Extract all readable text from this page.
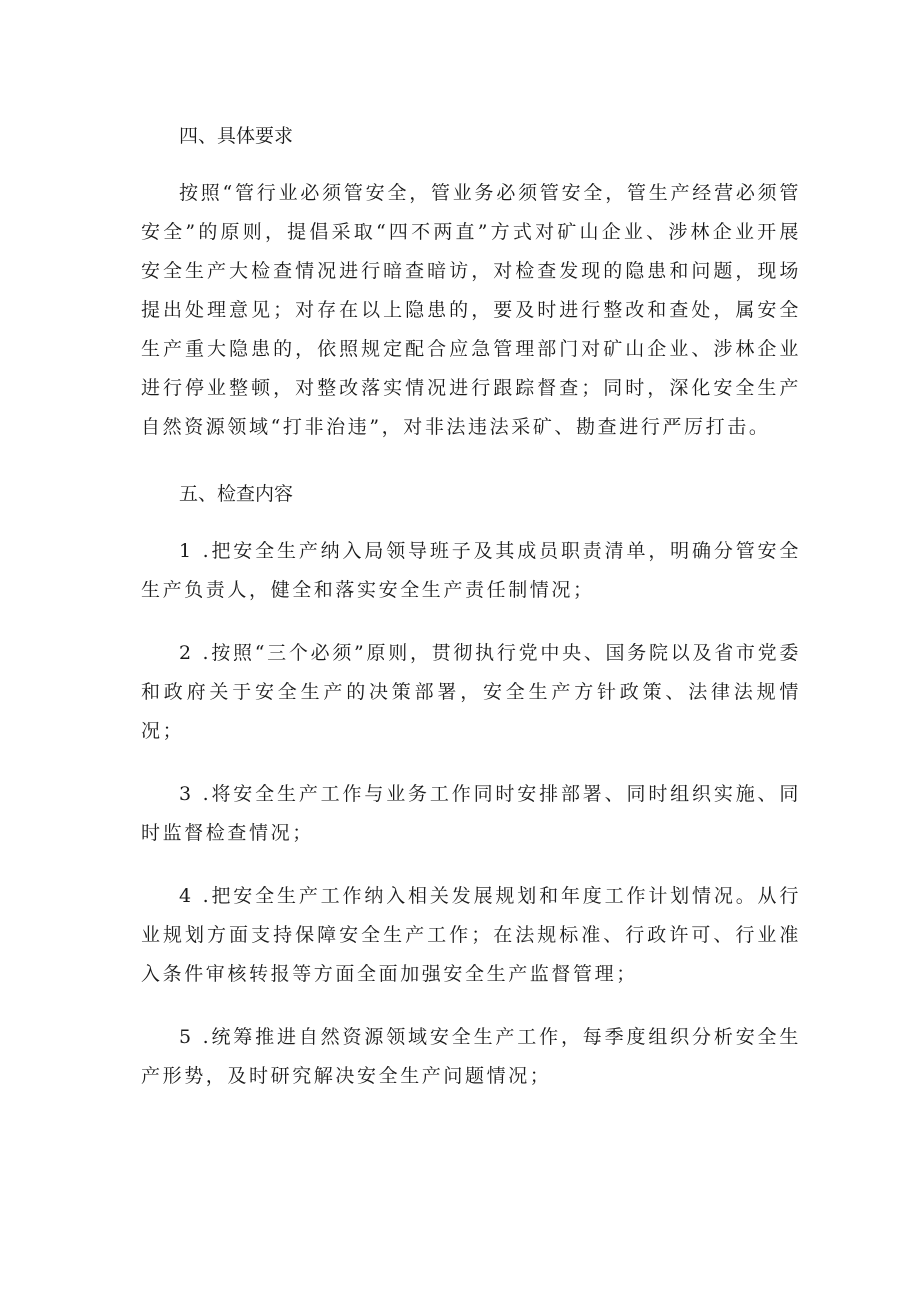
四、具体要求

按照“管行业必须管安全，管业务必须管安全，管生产经营必须管安全”的原则，提倡采取“四不两直”方式对矿山企业、涉林企业开展安全生产大检查情况进行暗查暗访，对检查发现的隐患和问题，现场提出处理意见；对存在以上隐患的，要及时进行整改和查处，属安全生产重大隐患的，依照规定配合应急管理部门对矿山企业、涉林企业进行停业整顿，对整改落实情况进行跟踪督查；同时，深化安全生产自然资源领域“打非治违”，对非法违法采矿、勘查进行严厉打击。

五、检查内容

1 .把安全生产纳入局领导班子及其成员职责清单，明确分管安全生产负责人，健全和落实安全生产责任制情况；

2 .按照“三个必须”原则，贯彻执行党中央、国务院以及省市党委和政府关于安全生产的决策部署，安全生产方针政策、法律法规情况；

3 .将安全生产工作与业务工作同时安排部署、同时组织实施、同时监督检查情况；

4 .把安全生产工作纳入相关发展规划和年度工作计划情况。从行业规划方面支持保障安全生产工作；在法规标准、行政许可、行业准入条件审核转报等方面全面加强安全生产监督管理；

5 .统筹推进自然资源领域安全生产工作，每季度组织分析安全生产形势，及时研究解决安全生产问题情况；
